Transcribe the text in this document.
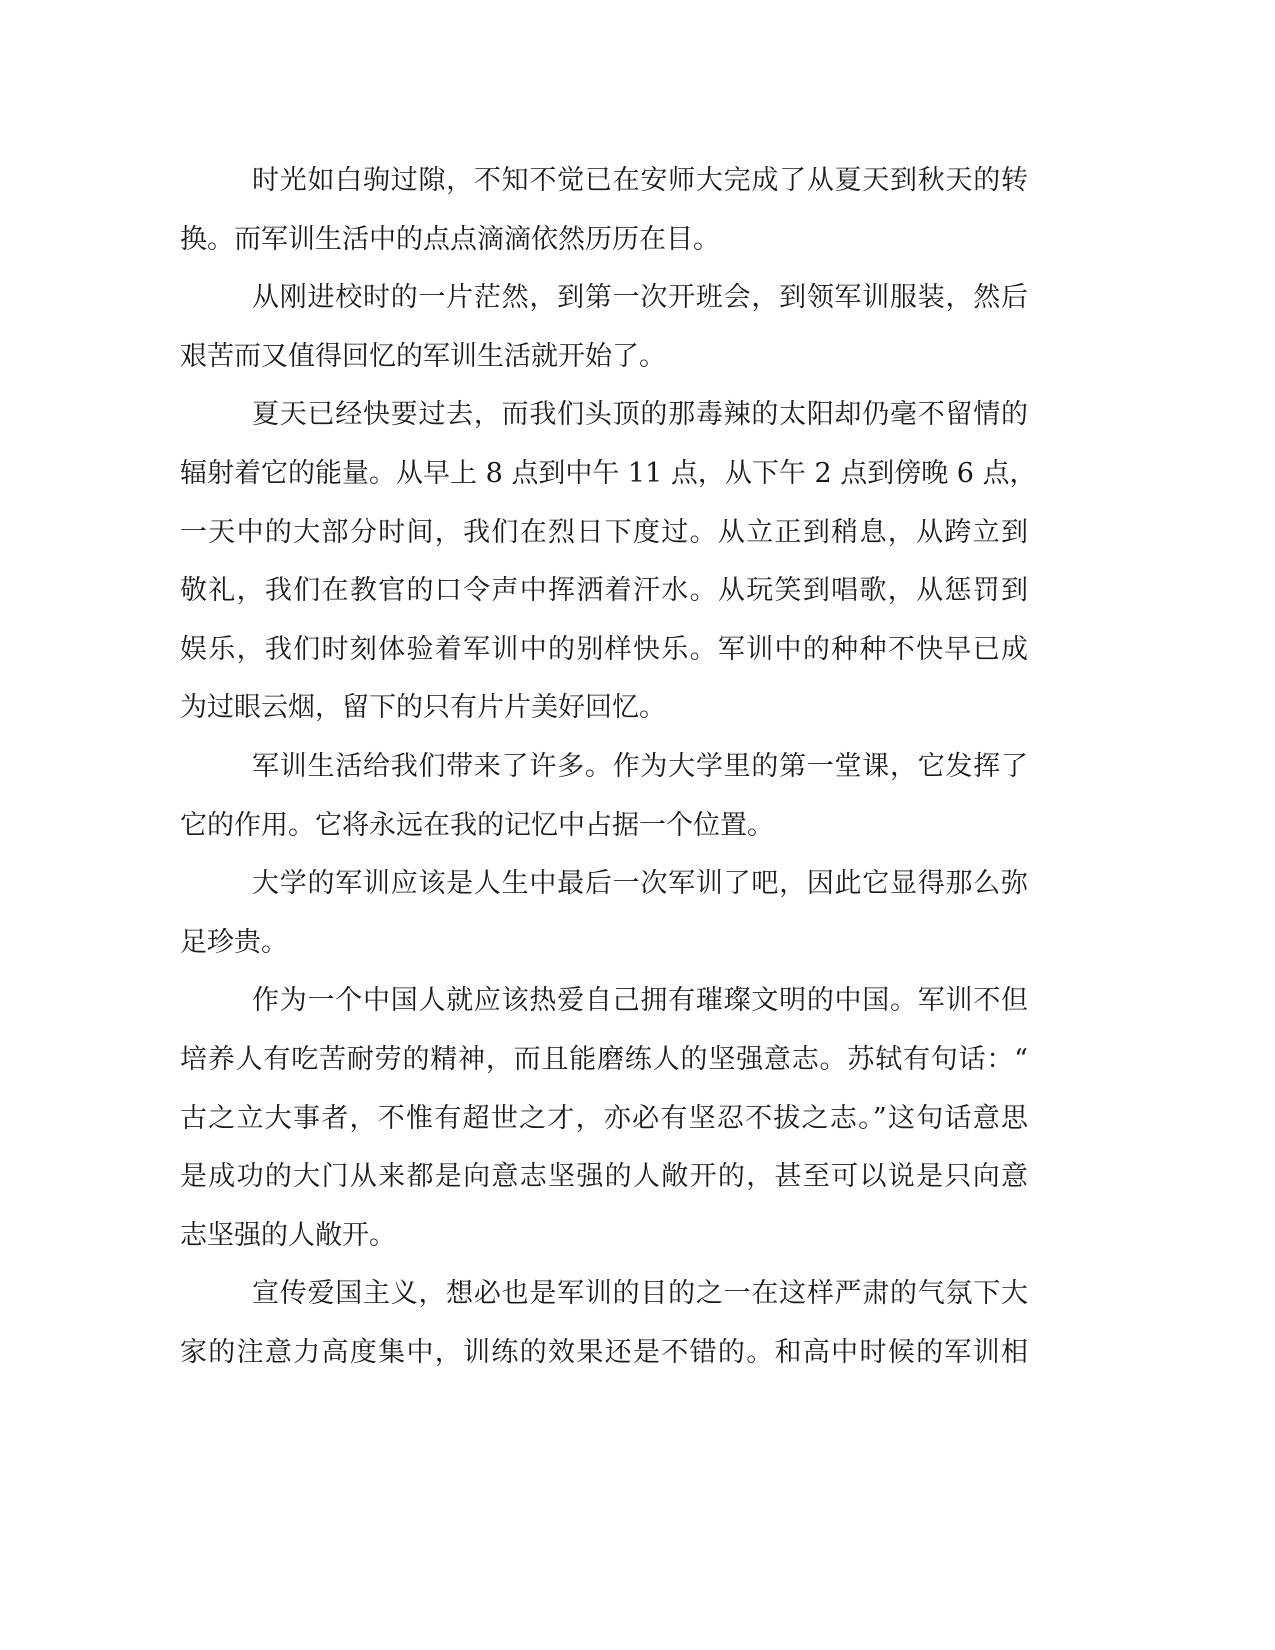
时光如白驹过隙，不知不觉已在安师大完成了从夏天到秋天的转
换。而军训生活中的点点滴滴依然历历在目。
从刚进校时的一片茫然，到第一次开班会，到领军训服装，然后
艰苦而又值得回忆的军训生活就开始了。
夏天已经快要过去，而我们头顶的那毒辣的太阳却仍毫不留情的
辐射着它的能量。从早上 8 点到中午 11 点，从下午 2 点到傍晚 6 点，
一天中的大部分时间，我们在烈日下度过。从立正到稍息，从跨立到
敬礼，我们在教官的口令声中挥洒着汗水。从玩笑到唱歌，从惩罚到
娱乐，我们时刻体验着军训中的别样快乐。军训中的种种不快早已成
为过眼云烟，留下的只有片片美好回忆。
军训生活给我们带来了许多。作为大学里的第一堂课，它发挥了
它的作用。它将永远在我的记忆中占据一个位置。
大学的军训应该是人生中最后一次军训了吧，因此它显得那么弥
足珍贵。
作为一个中国人就应该热爱自己拥有璀璨文明的中国。军训不但
培养人有吃苦耐劳的精神，而且能磨练人的坚强意志。苏轼有句话：“
古之立大事者，不惟有超世之才，亦必有坚忍不拔之志。”这句话意思
是成功的大门从来都是向意志坚强的人敞开的，甚至可以说是只向意
志坚强的人敞开。
宣传爱国主义，想必也是军训的目的之一在这样严肃的气氛下大
家的注意力高度集中，训练的效果还是不错的。和高中时候的军训相
